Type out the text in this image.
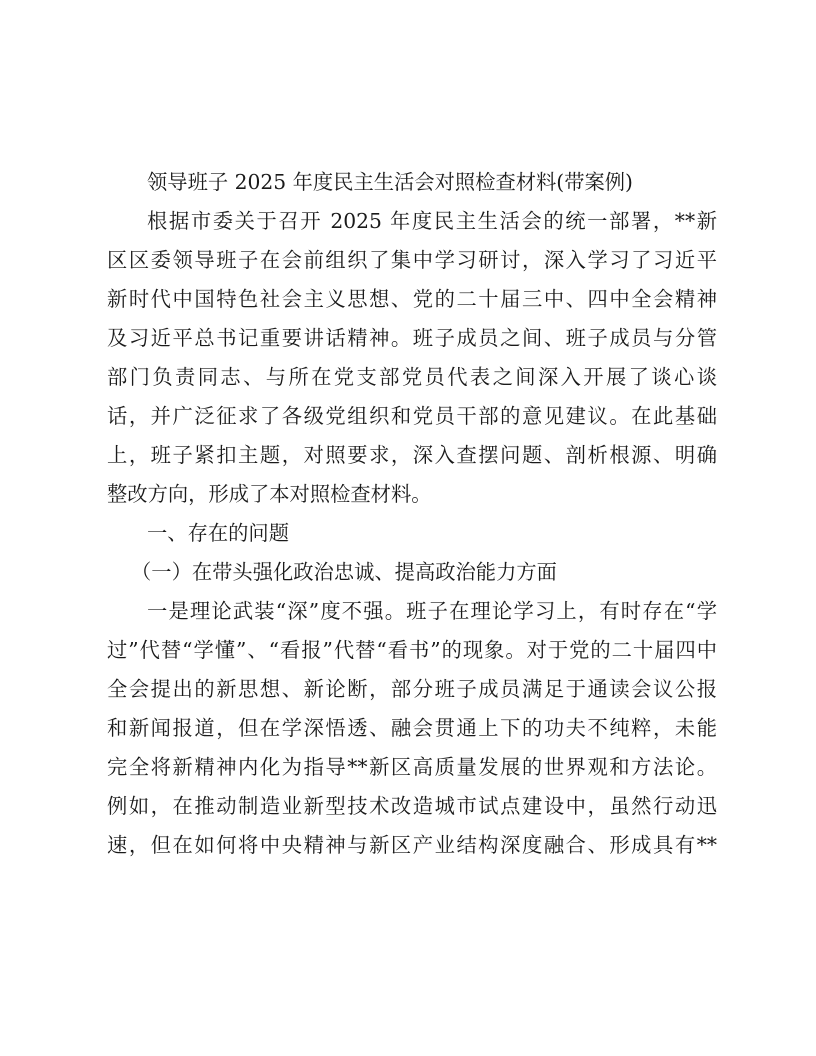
领导班子 2025 年度民主生活会对照检查材料(带案例)
根据市委关于召开 2025 年度民主生活会的统一部署，**新
区区委领导班子在会前组织了集中学习研讨，深入学习了习近平
新时代中国特色社会主义思想、党的二十届三中、四中全会精神
及习近平总书记重要讲话精神。班子成员之间、班子成员与分管
部门负责同志、与所在党支部党员代表之间深入开展了谈心谈
话，并广泛征求了各级党组织和党员干部的意见建议。在此基础
上，班子紧扣主题，对照要求，深入查摆问题、剖析根源、明确
整改方向，形成了本对照检查材料。
一、存在的问题
（一）在带头强化政治忠诚、提高政治能力方面
一是理论武装“深”度不强。班子在理论学习上，有时存在“学
过”代替“学懂”、“看报”代替“看书”的现象。对于党的二十届四中
全会提出的新思想、新论断，部分班子成员满足于通读会议公报
和新闻报道，但在学深悟透、融会贯通上下的功夫不纯粹，未能
完全将新精神内化为指导**新区高质量发展的世界观和方法论。
例如，在推动制造业新型技术改造城市试点建设中，虽然行动迅
速，但在如何将中央精神与新区产业结构深度融合、形成具有**
